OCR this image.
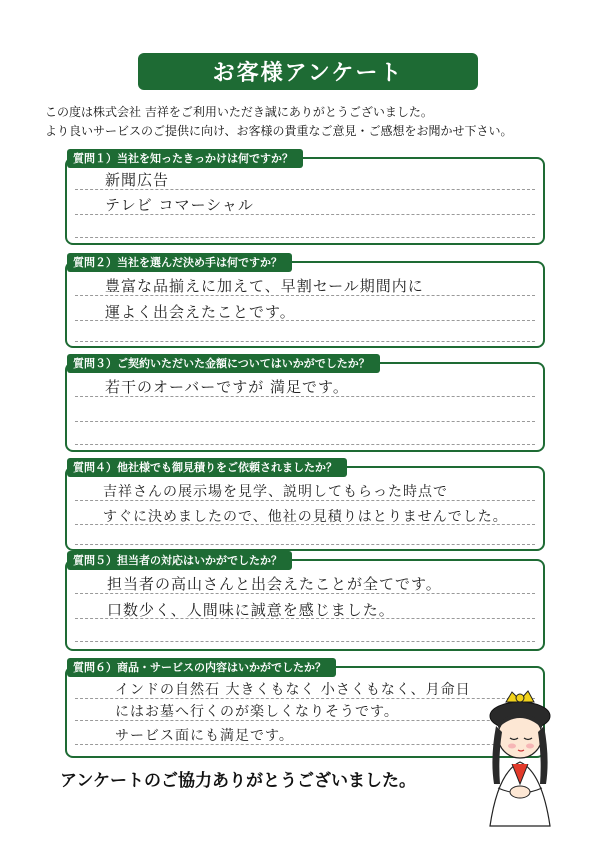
お客様アンケート
この度は株式会社 吉祥をご利用いただき誠にありがとうございました。
より良いサービスのご提供に向け、お客様の貴重なご意見・ご感想をお聞かせ下さい。
質問１）当社を知ったきっかけは何ですか？
新聞広告
テレビ コマーシャル
質問２）当社を選んだ決め手は何ですか？
豊富な品揃えに加えて、早割セール期間内に
運よく出会えたことです。
質問３）ご契約いただいた金額についてはいかがでしたか？
若干のオーバーですが 満足です。
質問４）他社様でも御見積りをご依頼されましたか？
吉祥さんの展示場を見学、説明してもらった時点で
すぐに決めましたので、他社の見積りはとりませんでした。
質問５）担当者の対応はいかがでしたか？
担当者の高山さんと出会えたことが全てです。
口数少く、人間味に誠意を感じました。
質問６）商品・サービスの内容はいかがでしたか？
インドの自然石 大きくもなく 小さくもなく、月命日
にはお墓へ行くのが楽しくなりそうです。
サービス面にも満足です。
アンケートのご協力ありがとうございました。
